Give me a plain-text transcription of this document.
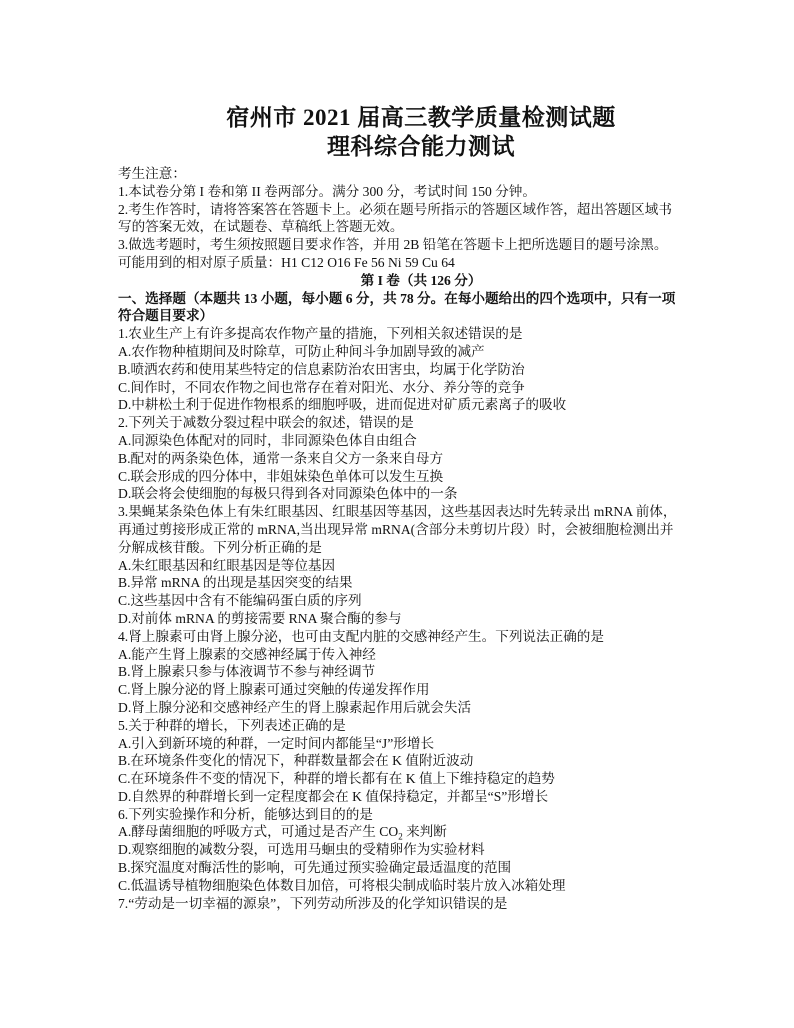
宿州市 2021 届高三教学质量检测试题
理科综合能力测试

考生注意：

1.本试卷分第 I 卷和第 II 卷两部分。满分 300 分，考试时间 150 分钟。

2.考生作答时，请将答案答在答题卡上。必须在题号所指示的答题区域作答，超出答题区域书

写的答案无效，在试题卷、草稿纸上答题无效。

3.做选考题时，考生须按照题目要求作答，并用 2B 铅笔在答题卡上把所选题目的题号涂黑。

可能用到的相对原子质量：H1 C12 O16 Fe 56 Ni 59 Cu 64

第 I 卷（共 126 分）

一、选择题（本题共 13 小题，每小题 6 分，共 78 分。在每小题给出的四个选项中，只有一项

符合题目要求）

1.农业生产上有许多提高农作物产量的措施，下列相关叙述错误的是

A.农作物种植期间及时除草，可防止种间斗争加剧导致的减产

B.喷洒农药和使用某些特定的信息素防治农田害虫，均属于化学防治

C.间作时，不同农作物之间也常存在着对阳光、水分、养分等的竞争

D.中耕松土利于促进作物根系的细胞呼吸，进而促进对矿质元素离子的吸收

2.下列关于减数分裂过程中联会的叙述，错误的是

A.同源染色体配对的同时，非同源染色体自由组合

B.配对的两条染色体，通常一条来自父方一条来自母方

C.联会形成的四分体中，非姐妹染色单体可以发生互换

D.联会将会使细胞的每极只得到各对同源染色体中的一条

3.果蝇某条染色体上有朱红眼基因、红眼基因等基因，这些基因表达时先转录出 mRNA 前体，

再通过剪接形成正常的 mRNA,当出现异常 mRNA(含部分未剪切片段）时，会被细胞检测出并

分解成核苷酸。下列分析正确的是

A.朱红眼基因和红眼基因是等位基因

B.异常 mRNA 的出现是基因突变的结果

C.这些基因中含有不能编码蛋白质的序列

D.对前体 mRNA 的剪接需要 RNA 聚合酶的参与

4.肾上腺素可由肾上腺分泌，也可由支配内脏的交感神经产生。下列说法正确的是

A.能产生肾上腺素的交感神经属于传入神经

B.肾上腺素只参与体液调节不参与神经调节

C.肾上腺分泌的肾上腺素可通过突触的传递发挥作用

D.肾上腺分泌和交感神经产生的肾上腺素起作用后就会失活

5.关于种群的增长，下列表述正确的是

A.引入到新环境的种群，一定时间内都能呈“J”形增长

B.在环境条件变化的情况下，种群数量都会在 K 值附近波动

C.在环境条件不变的情况下，种群的增长都有在 K 值上下维持稳定的趋势

D.自然界的种群增长到一定程度都会在 K 值保持稳定，并都呈“S”形增长

6.下列实验操作和分析，能够达到目的的是

A.酵母菌细胞的呼吸方式，可通过是否产生 $CO_2$ 来判断

D.观察细胞的减数分裂，可选用马蛔虫的受精卵作为实验材料

B.探究温度对酶活性的影响，可先通过预实验确定最适温度的范围

C.低温诱导植物细胞染色体数目加倍，可将根尖制成临时装片放入冰箱处理

7.“劳动是一切幸福的源泉”，下列劳动所涉及的化学知识错误的是
